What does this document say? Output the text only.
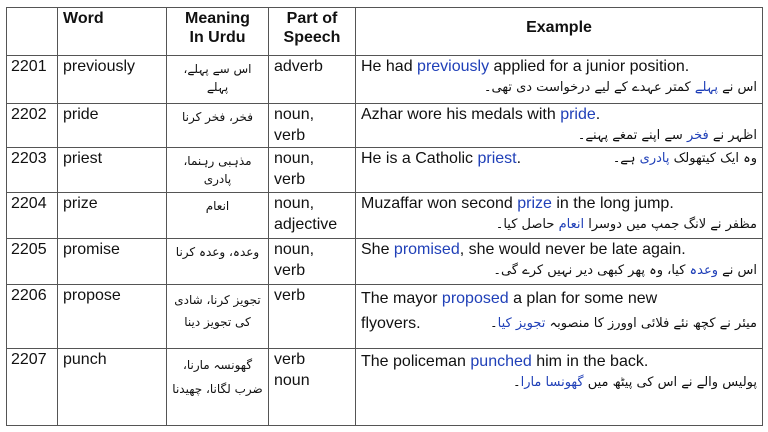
	Word	Meaning
In Urdu	Part of
Speech	Example
2201	previously	اس سے پہلے، پہلے	adverb	He had previously applied for a junior position.
اس نے پہلے کمتر عہدے کے لیے درخواست دی تھی۔

2202	pride	فخر، فخر کرنا	noun,
verb	Azhar wore his medals with pride.
اظہر نے فخر سے اپنے تمغے پہنے۔

2203	priest	مذہبی رہنما، پادری	noun,
verb	وہ ایک کیتھولک پادری ہے۔
He is a Catholic priest.

2204	prize	انعام	noun,
adjective	Muzaffar won second prize in the long jump.
مظفر نے لانگ جمپ میں دوسرا انعام حاصل کیا۔

2205	promise	وعدہ، وعدہ کرنا	noun,
verb	She promised, she would never be late again.
اس نے وعدہ کیا، وہ پھر کبھی دیر نہیں کرے گی۔

2206	propose	تجویز کرنا، شادی کی تجویز دینا	verb	The mayor proposed a plan for some new
میئر نے کچھ نئے فلائی اوورز کا منصوبہ تجویز کیا۔
flyovers.

2207	punch	گھونسہ مارنا، ضرب لگانا، چھیدنا	verb
noun	The policeman punched him in the back.
پولیس والے نے اس کی پیٹھ میں گھونسا مارا۔
